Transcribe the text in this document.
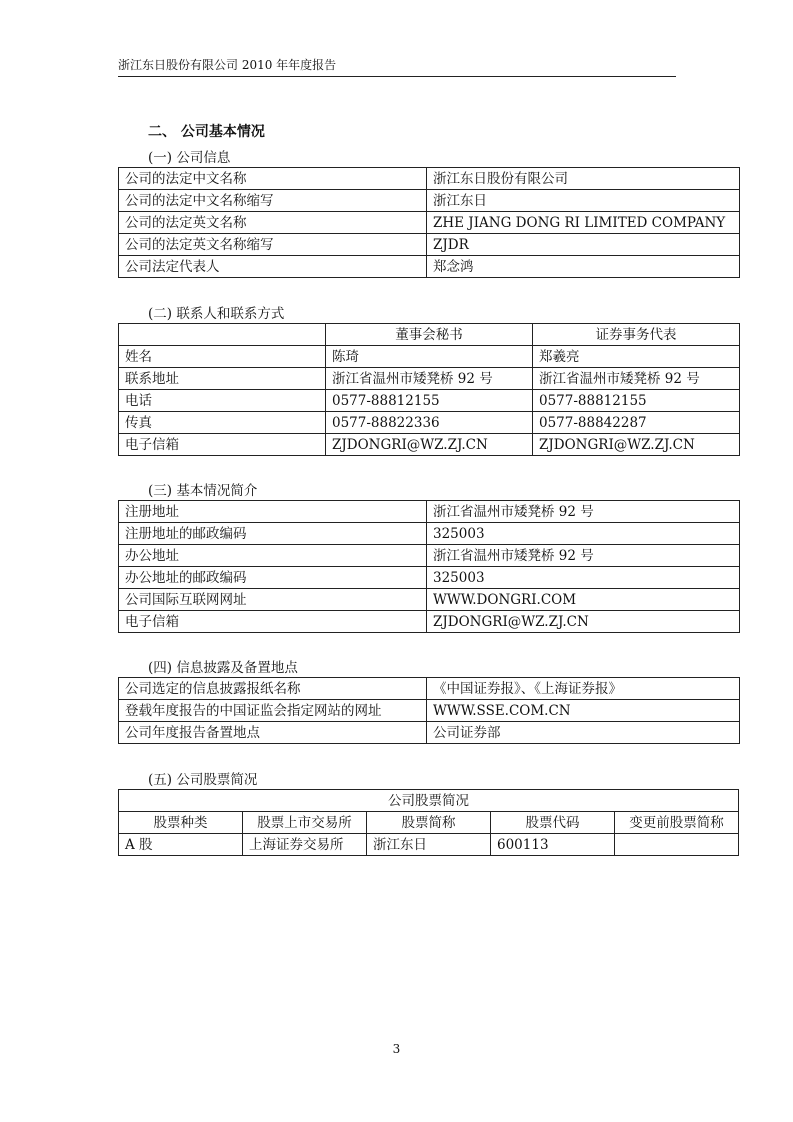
浙江东日股份有限公司 2010 年年度报告
二、 公司基本情况
(一) 公司信息
公司的法定中文名称	浙江东日股份有限公司
公司的法定中文名称缩写	浙江东日
公司的法定英文名称	ZHE JIANG DONG RI LIMITED COMPANY
公司的法定英文名称缩写	ZJDR
公司法定代表人	郑念鸿
(二) 联系人和联系方式
	董事会秘书	证券事务代表
姓名	陈琦	郑羲亮
联系地址	浙江省温州市矮凳桥 92 号	浙江省温州市矮凳桥 92 号
电话	0577-88812155	0577-88812155
传真	0577-88822336	0577-88842287
电子信箱	ZJDONGRI@WZ.ZJ.CN	ZJDONGRI@WZ.ZJ.CN
(三) 基本情况简介
注册地址	浙江省温州市矮凳桥 92 号
注册地址的邮政编码	325003
办公地址	浙江省温州市矮凳桥 92 号
办公地址的邮政编码	325003
公司国际互联网网址	WWW.DONGRI.COM
电子信箱	ZJDONGRI@WZ.ZJ.CN
(四) 信息披露及备置地点
公司选定的信息披露报纸名称	《中国证券报》、《上海证券报》
登载年度报告的中国证监会指定网站的网址	WWW.SSE.COM.CN
公司年度报告备置地点	公司证券部
(五) 公司股票简况
公司股票简况				
股票种类	股票上市交易所	股票简称	股票代码	变更前股票简称
A 股	上海证券交易所	浙江东日	600113	
3
